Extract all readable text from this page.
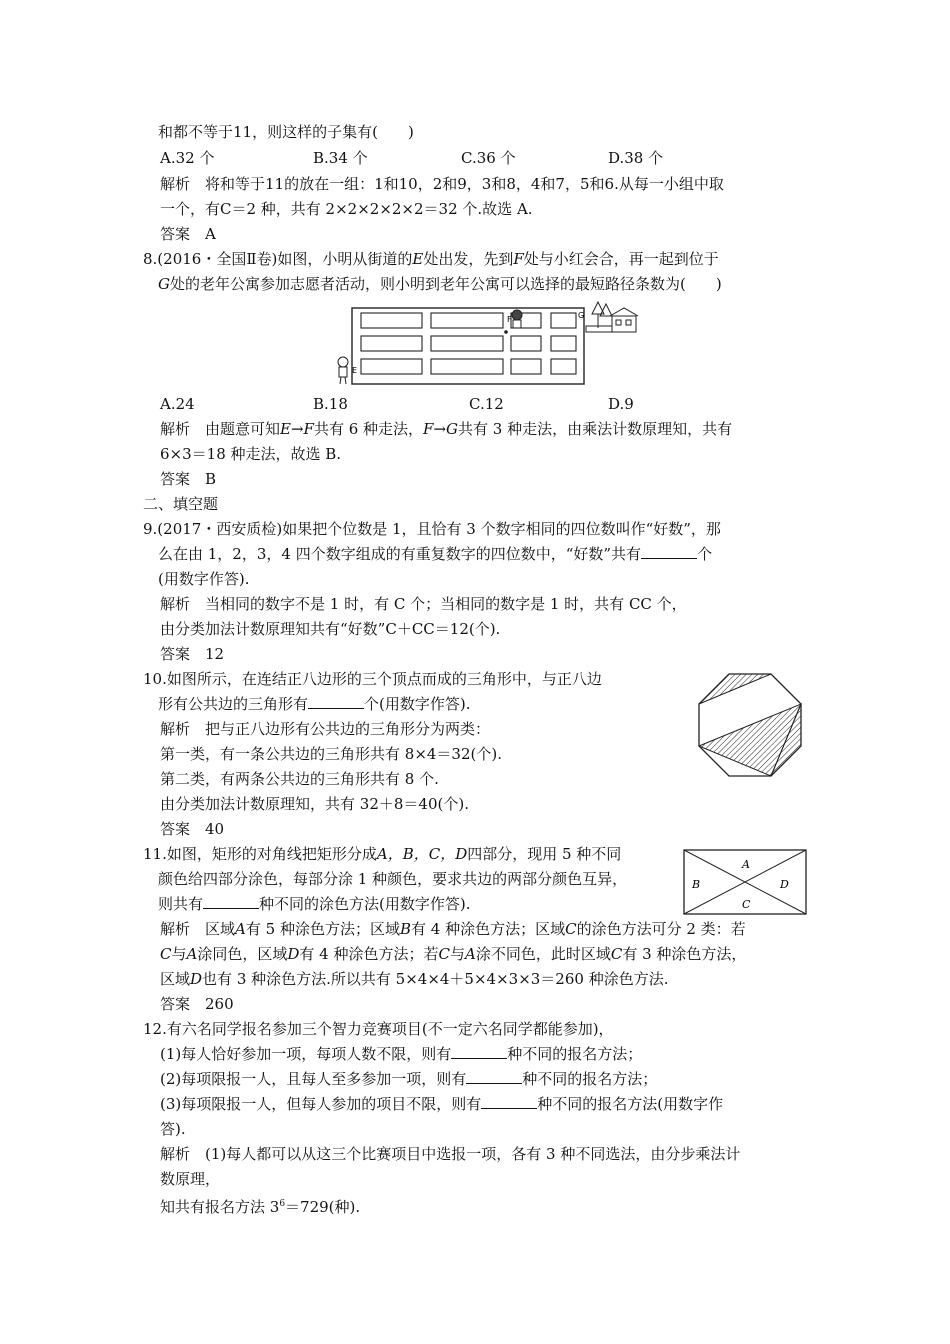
和都不等于11，则这样的子集有(　　)
A.32 个	B.34 个	C.36 个	D.38 个
解析　将和等于11的放在一组：1和10，2和9，3和8，4和7，5和6.从每一小组中取
一个，有C＝2 种，共有 2×2×2×2×2＝32 个.故选 A.
答案　A
8.(2016・全国Ⅱ卷)如图，小明从街道的E处出发，先到F处与小红会合，再一起到位于
G处的老年公寓参加志愿者活动，则小明到老年公寓可以选择的最短路径条数为(　　)
E
F	G
A.24	B.18	C.12	D.9
解析　由题意可知E→F共有 6 种走法，F→G共有 3 种走法，由乘法计数原理知，共有
6×3＝18 种走法，故选 B.
答案　B
二、填空题
9.(2017・西安质检)如果把个位数是 1，且恰有 3 个数字相同的四位数叫作“好数”，那
么在由 1，2，3，4 四个数字组成的有重复数字的四位数中，“好数”共有	个
(用数字作答).
解析　当相同的数字不是 1 时，有 C 个；当相同的数字是 1 时，共有 CC 个，
由分类加法计数原理知共有“好数”C＋CC＝12(个).
答案　12
10.如图所示，在连结正八边形的三个顶点而成的三角形中，与正八边
形有公共边的三角形有	个(用数字作答).
解析　把与正八边形有公共边的三角形分为两类：
第一类，有一条公共边的三角形共有 8×4＝32(个).
第二类，有两条公共边的三角形共有 8 个.
由分类加法计数原理知，共有 32＋8＝40(个).
答案　40
11.如图，矩形的对角线把矩形分成A，B，C，D四部分，现用 5 种不同
颜色给四部分涂色，每部分涂 1 种颜色，要求共边的两部分颜色互异，
则共有	种不同的涂色方法(用数字作答).
A
B
C
D
解析　区域A有 5 种涂色方法；区域B有 4 种涂色方法；区域C的涂色方法可分 2 类：若
C与A涂同色，区域D有 4 种涂色方法；若C与A涂不同色，此时区域C有 3 种涂色方法，
区域D也有 3 种涂色方法.所以共有 5×4×4＋5×4×3×3＝260 种涂色方法.
答案　260
12.有六名同学报名参加三个智力竞赛项目(不一定六名同学都能参加)，
(1)每人恰好参加一项，每项人数不限，则有	种不同的报名方法；
(2)每项限报一人，且每人至多参加一项，则有	种不同的报名方法；
(3)每项限报一人，但每人参加的项目不限，则有	种不同的报名方法(用数字作
答).
解析　(1)每人都可以从这三个比赛项目中选报一项，各有 3 种不同选法，由分步乘法计
数原理，
知共有报名方法 $3^6=729$(种).
